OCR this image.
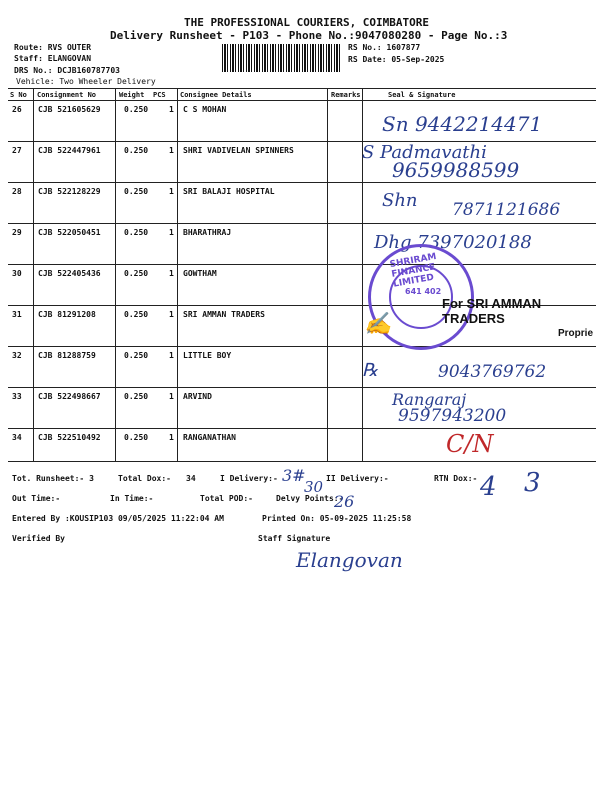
THE PROFESSIONAL COURIERS, COIMBATORE
Delivery Runsheet - P103 - Phone No.:9047080280 - Page No.:3
Route: RVS OUTER
Staff: ELANGOVAN
DRS No.: DCJB160787703
Vehicle: Two Wheeler Delivery
RS No.: 1607877
RS Date: 05-Sep-2025
S No Consignment No	Weight PCS Consignee Details	Remarks	Seal & Signature
26 CJB 521605629	0.250	1 C S MOHAN
27 CJB 522447961	0.250	1 SHRI VADIVELAN SPINNERS
28 CJB 522128229	0.250	1 SRI BALAJI HOSPITAL
29 CJB 522050451	0.250	1 BHARATHRAJ
30 CJB 522405436	0.250	1 GOWTHAM
31 CJB 81291208	0.250	1 SRI AMMAN TRADERS
32 CJB 81288759	0.250	1 LITTLE BOY
33 CJB 522498667	0.250	1 ARVIND
34 CJB 522510492	0.250	1 RANGANATHAN
Sn 9442214471
S Padmavathi
9659988599
Shn 7871121686
Dhg 7397020188
SHRIRAM FINANCE LIMITED
641 402
For SRI AMMAN TRADERS
Proprie
✍
℞	9043769762
Rangaraj
9597943200
C/N
Tot. Runsheet:- 3	Total Dox:- 34	I Delivery:- 3#
30 II Delivery:-	RTN Dox:- 4 3
Out Time:-	In Time:-	Total POD:-	Delvy Points:-
26
Entered By :KOUSIP103 09/05/2025 11:22:04 AM	Printed On: 05-09-2025 11:25:58
Verified By	Staff Signature
Elangovan
